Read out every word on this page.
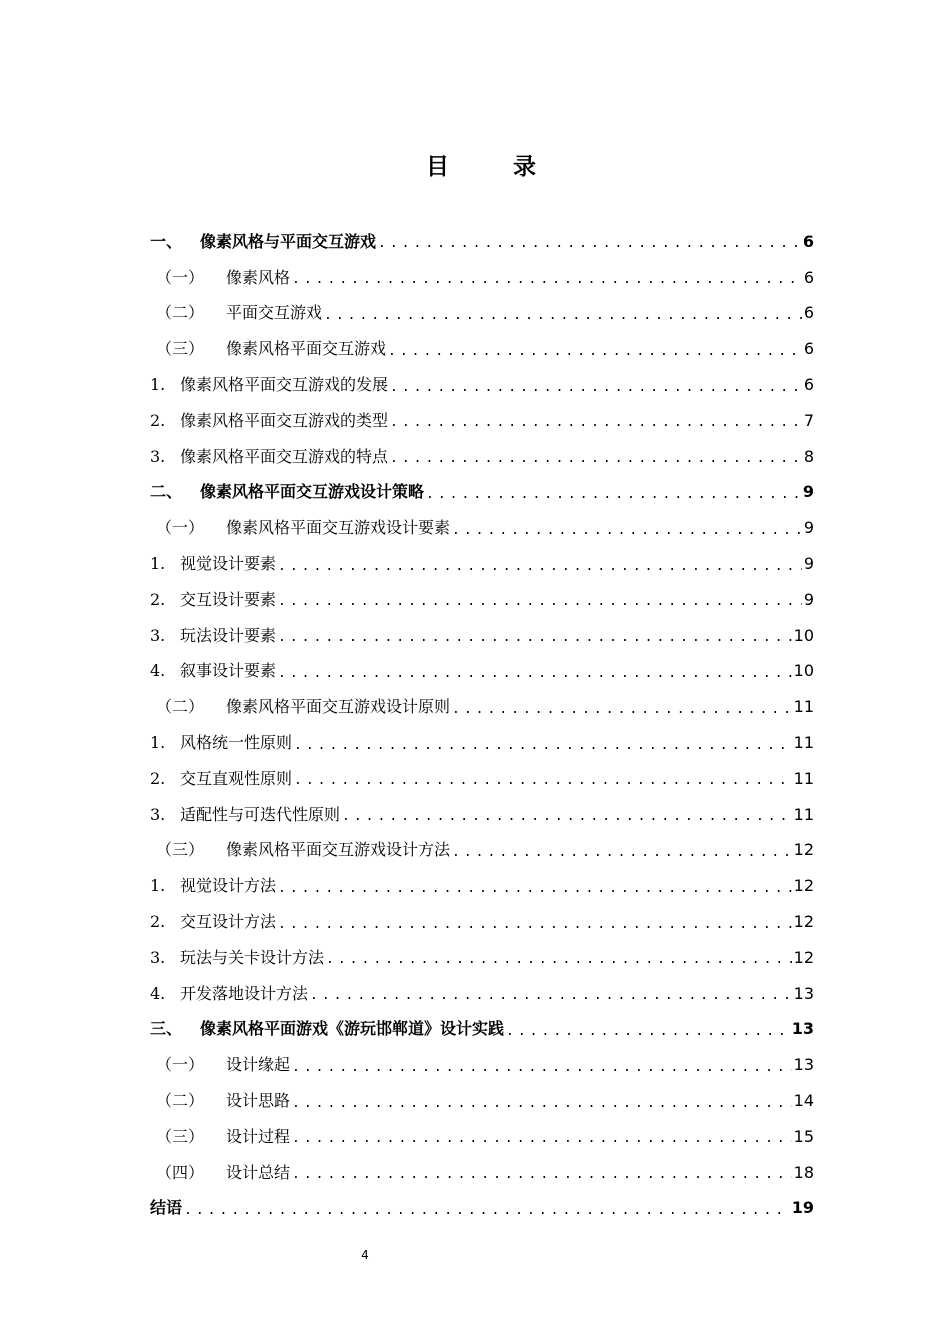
目 录
一、	像素风格与平面交互游戏 .....	6
（一）	像素风格 .....	6
（二）	平面交互游戏 .....	6
（三）	像素风格平面交互游戏 .....	6
1. 像素风格平面交互游戏的发展 .....	6
2. 像素风格平面交互游戏的类型 .....	7
3. 像素风格平面交互游戏的特点 .....	8
二、	像素风格平面交互游戏设计策略 .....	9
（一）	像素风格平面交互游戏设计要素 .....	9
1. 视觉设计要素 .....	9
2. 交互设计要素 .....	9
3. 玩法设计要素 .....	10
4. 叙事设计要素 .....	10
（二）	像素风格平面交互游戏设计原则 .....	11
1. 风格统一性原则 .....	11
2. 交互直观性原则 .....	11
3. 适配性与可迭代性原则 .....	11
（三）	像素风格平面交互游戏设计方法 .....	12
1. 视觉设计方法 .....	12
2. 交互设计方法 .....	12
3. 玩法与关卡设计方法 .....	12
4. 开发落地设计方法 .....	13
三、	像素风格平面游戏《游玩邯郸道》设计实践 .....	13
（一）	设计缘起 .....	13
（二）	设计思路 .....	14
（三）	设计过程 .....	15
（四）	设计总结 .....	18
结语 .....	19
4
